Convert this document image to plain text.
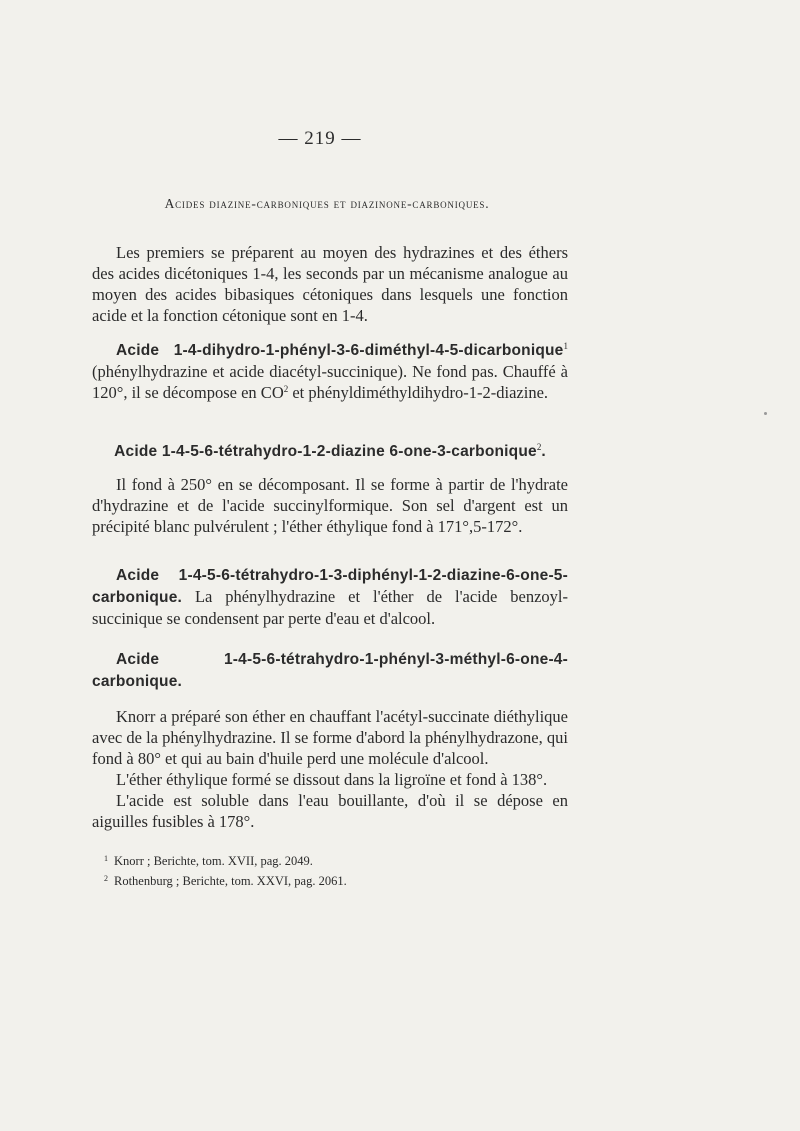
— 219 —
Acides diazine-carboniques et diazinone-carboniques.

Les premiers se préparent au moyen des hydrazines et des éthers des acides dicétoniques 1-4, les seconds par un mécanisme analogue au moyen des acides bibasiques cétoniques dans lesquels une fonction acide et la fonction cétonique sont en 1-4.

Acide 1-4-dihydro-1-phényl-3-6-diméthyl-4-5-dicarbonique$^1$ (phénylhydrazine et acide diacétyl-succinique). Ne fond pas. Chauffé à 120°, il se décompose en $CO^2$ et phényldiméthyldihydro-1-2-diazine.

Acide 1-4-5-6-tétrahydro-1-2-diazine 6-one-3-carbonique$^2$.

Il fond à 250° en se décomposant. Il se forme à partir de l'hydrate d'hydrazine et de l'acide succinylformique. Son sel d'argent est un précipité blanc pulvérulent ; l'éther éthylique fond à 171°,5-172°.

Acide 1-4-5-6-tétrahydro-1-3-diphényl-1-2-diazine-6-one-5-carbonique. La phénylhydrazine et l'éther de l'acide benzoyl-succinique se condensent par perte d'eau et d'alcool.

Acide 1-4-5-6-tétrahydro-1-phényl-3-méthyl-6-one-4-carbonique.

Knorr a préparé son éther en chauffant l'acétyl-succinate diéthylique avec de la phénylhydrazine. Il se forme d'abord la phénylhydrazone, qui fond à 80° et qui au bain d'huile perd une molécule d'alcool.

L'éther éthylique formé se dissout dans la ligroïne et fond à 138°.

L'acide est soluble dans l'eau bouillante, d'où il se dépose en aiguilles fusibles à 178°.

$^1$ Knorr ; Berichte, tom. XVII, pag. 2049.

$^2$ Rothenburg ; Berichte, tom. XXVI, pag. 2061.
